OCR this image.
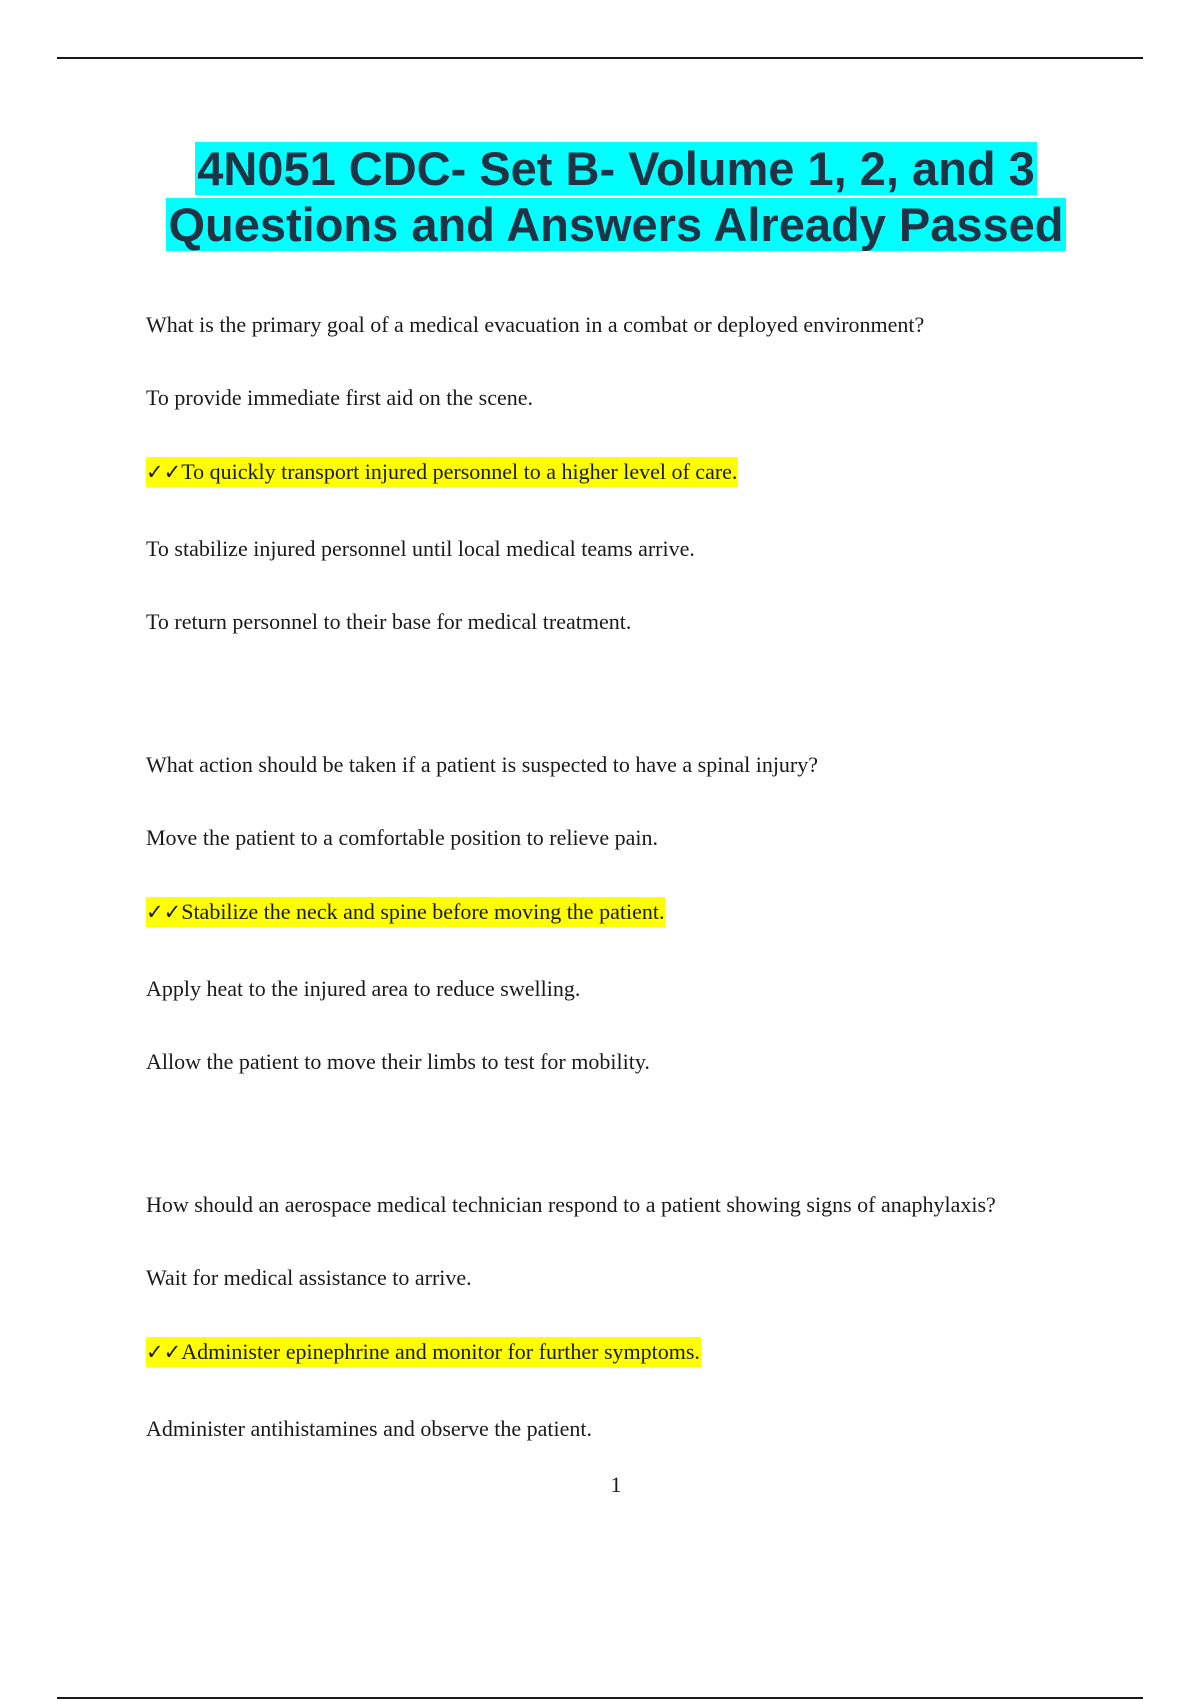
4N051 CDC- Set B- Volume 1, 2, and 3
Questions and Answers Already Passed
What is the primary goal of a medical evacuation in a combat or deployed environment?
To provide immediate first aid on the scene.
✓✓To quickly transport injured personnel to a higher level of care.
To stabilize injured personnel until local medical teams arrive.
To return personnel to their base for medical treatment.
What action should be taken if a patient is suspected to have a spinal injury?
Move the patient to a comfortable position to relieve pain.
✓✓Stabilize the neck and spine before moving the patient.
Apply heat to the injured area to reduce swelling.
Allow the patient to move their limbs to test for mobility.
How should an aerospace medical technician respond to a patient showing signs of anaphylaxis?
Wait for medical assistance to arrive.
✓✓Administer epinephrine and monitor for further symptoms.
Administer antihistamines and observe the patient.
1
